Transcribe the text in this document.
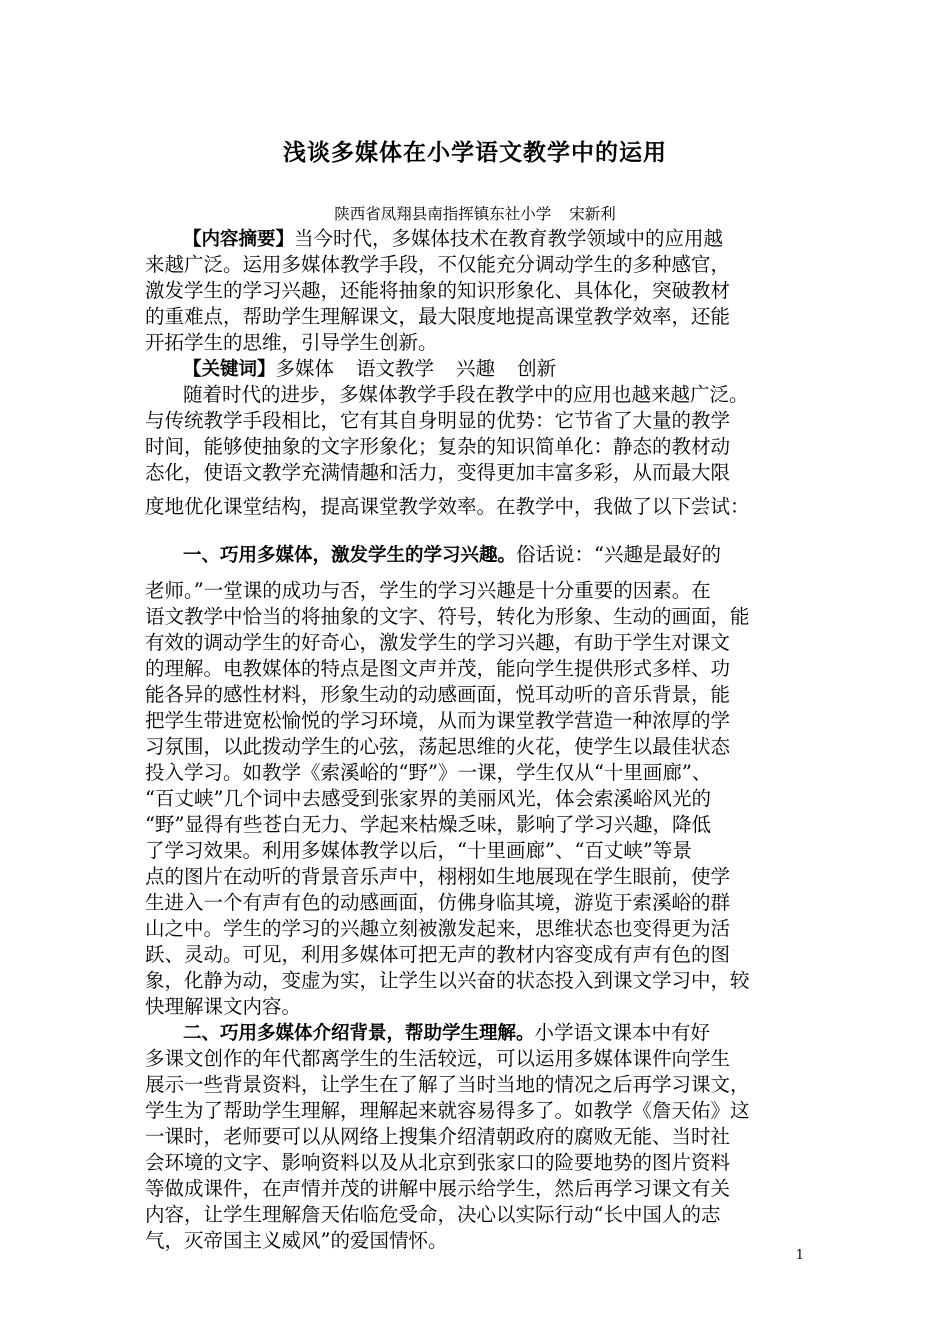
浅谈多媒体在小学语文教学中的运用
陕西省凤翔县南指挥镇东社小学 宋新利
【内容摘要】当今时代，多媒体技术在教育教学领域中的应用越
来越广泛。运用多媒体教学手段，不仅能充分调动学生的多种感官，
激发学生的学习兴趣，还能将抽象的知识形象化、具体化，突破教材
的重难点，帮助学生理解课文，最大限度地提高课堂教学效率，还能
开拓学生的思维，引导学生创新。
【关键词】多媒体 语文教学 兴趣 创新
随着时代的进步，多媒体教学手段在教学中的应用也越来越广泛。
与传统教学手段相比，它有其自身明显的优势：它节省了大量的教学
时间，能够使抽象的文字形象化；复杂的知识简单化：静态的教材动
态化，使语文教学充满情趣和活力，变得更加丰富多彩，从而最大限
度地优化课堂结构，提高课堂教学效率。在教学中，我做了以下尝试：
一、巧用多媒体，激发学生的学习兴趣。俗话说：“兴趣是最好的
老师。”一堂课的成功与否，学生的学习兴趣是十分重要的因素。在
语文教学中恰当的将抽象的文字、符号，转化为形象、生动的画面，能
有效的调动学生的好奇心，激发学生的学习兴趣，有助于学生对课文
的理解。电教媒体的特点是图文声并茂，能向学生提供形式多样、功
能各异的感性材料，形象生动的动感画面，悦耳动听的音乐背景，能
把学生带进宽松愉悦的学习环境，从而为课堂教学营造一种浓厚的学
习氛围，以此拨动学生的心弦，荡起思维的火花，使学生以最佳状态
投入学习。如教学《索溪峪的“野”》一课，学生仅从“十里画廊”、
“百丈峡”几个词中去感受到张家界的美丽风光，体会索溪峪风光的
“野”显得有些苍白无力、学起来枯燥乏味，影响了学习兴趣，降低
了学习效果。利用多媒体教学以后，“十里画廊”、“百丈峡”等景
点的图片在动听的背景音乐声中，栩栩如生地展现在学生眼前，使学
生进入一个有声有色的动感画面，仿佛身临其境，游览于索溪峪的群
山之中。学生的学习的兴趣立刻被激发起来，思维状态也变得更为活
跃、灵动。可见，利用多媒体可把无声的教材内容变成有声有色的图
象，化静为动，变虚为实，让学生以兴奋的状态投入到课文学习中，较
快理解课文内容。
二、巧用多媒体介绍背景，帮助学生理解。小学语文课本中有好
多课文创作的年代都离学生的生活较远，可以运用多媒体课件向学生
展示一些背景资料，让学生在了解了当时当地的情况之后再学习课文，
学生为了帮助学生理解，理解起来就容易得多了。如教学《詹天佑》这
一课时，老师要可以从网络上搜集介绍清朝政府的腐败无能、当时社
会环境的文字、影响资料以及从北京到张家口的险要地势的图片资料
等做成课件，在声情并茂的讲解中展示给学生，然后再学习课文有关
内容，让学生理解詹天佑临危受命，决心以实际行动“长中国人的志
气，灭帝国主义威风”的爱国情怀。
1
